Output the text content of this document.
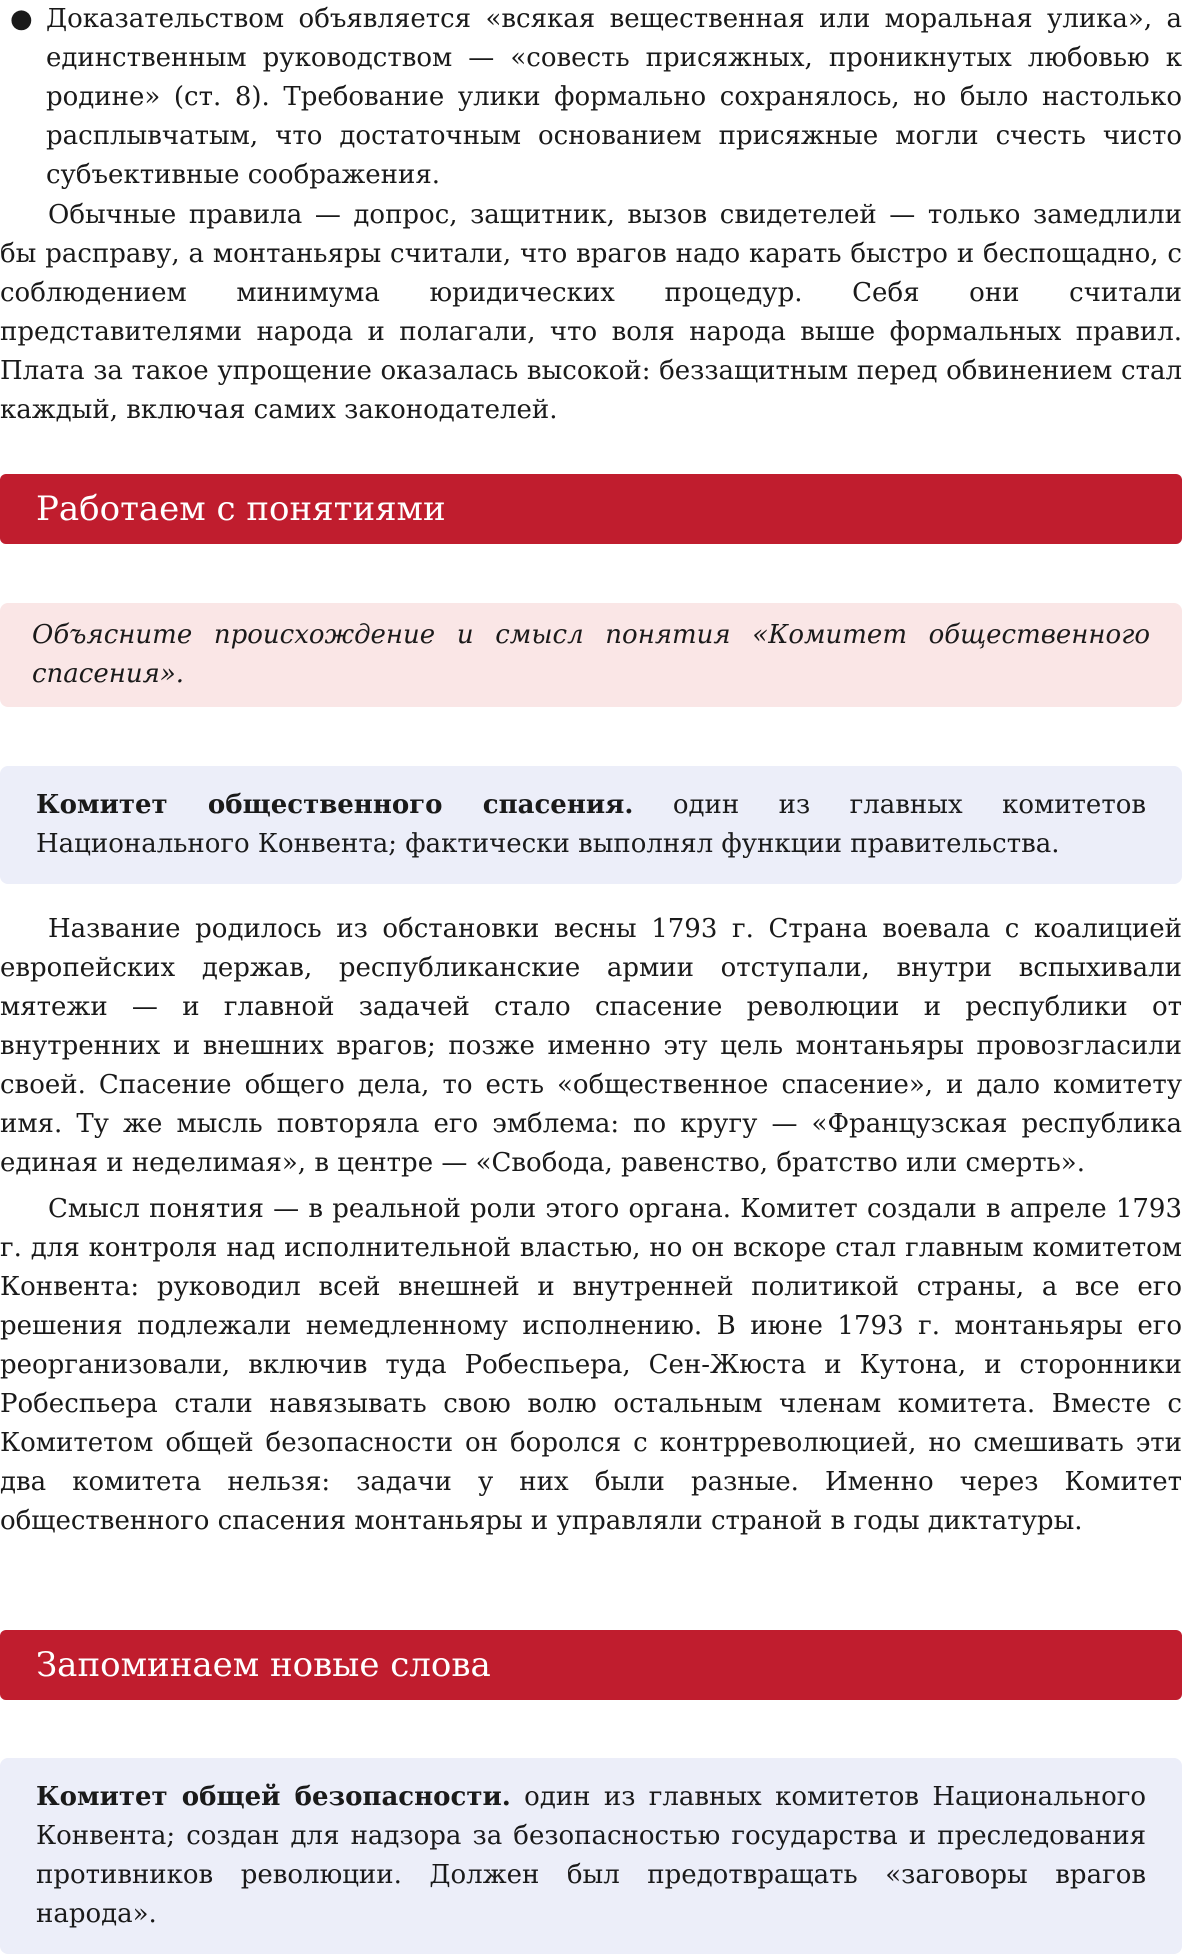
● Доказательством объявляется «всякая вещественная или моральная улика», а единственным руководством — «совесть присяжных, проникнутых любовью к родине» (ст. 8). Требование улики формально сохранялось, но было настолько расплывчатым, что достаточным основанием присяжные могли счесть чисто субъективные соображения.

Обычные правила — допрос, защитник, вызов свидетелей — только замедлили бы расправу, а монтаньяры считали, что врагов надо карать быстро и беспощадно, с соблюдением минимума юридических процедур. Себя они считали представителями народа и полагали, что воля народа выше формальных правил. Плата за такое упрощение оказалась высокой: беззащитным перед обвинением стал каждый, включая самих законодателей.

Работаем с понятиями
Объясните происхождение и смысл понятия «Комитет общественного спасения».
Комитет общественного спасения. один из главных комитетов Национального Конвента; фактически выполнял функции правительства.

Название родилось из обстановки весны 1793 г. Страна воевала с коалицией европейских держав, республиканские армии отступали, внутри вспыхивали мятежи — и главной задачей стало спасение революции и республики от внутренних и внешних врагов; позже именно эту цель монтаньяры провозгласили своей. Спасение общего дела, то есть «общественное спасение», и дало комитету имя. Ту же мысль повторяла его эмблема: по кругу — «Французская республика единая и неделимая», в центре — «Свобода, равенство, братство или смерть».

Смысл понятия — в реальной роли этого органа. Комитет создали в апреле 1793 г. для контроля над исполнительной властью, но он вскоре стал главным комитетом Конвента: руководил всей внешней и внутренней политикой страны, а все его решения подлежали немедленному исполнению. В июне 1793 г. монтаньяры его реорганизовали, включив туда Робеспьера, Сен-Жюста и Кутона, и сторонники Робеспьера стали навязывать свою волю остальным членам комитета. Вместе с Комитетом общей безопасности он боролся с контрреволюцией, но смешивать эти два комитета нельзя: задачи у них были разные. Именно через Комитет общественного спасения монтаньяры и управляли страной в годы диктатуры.

Запоминаем новые слова
Комитет общей безопасности. один из главных комитетов Национального Конвента; создан для надзора за безопасностью государства и преследования противников революции. Должен был предотвращать «заговоры врагов народа».
